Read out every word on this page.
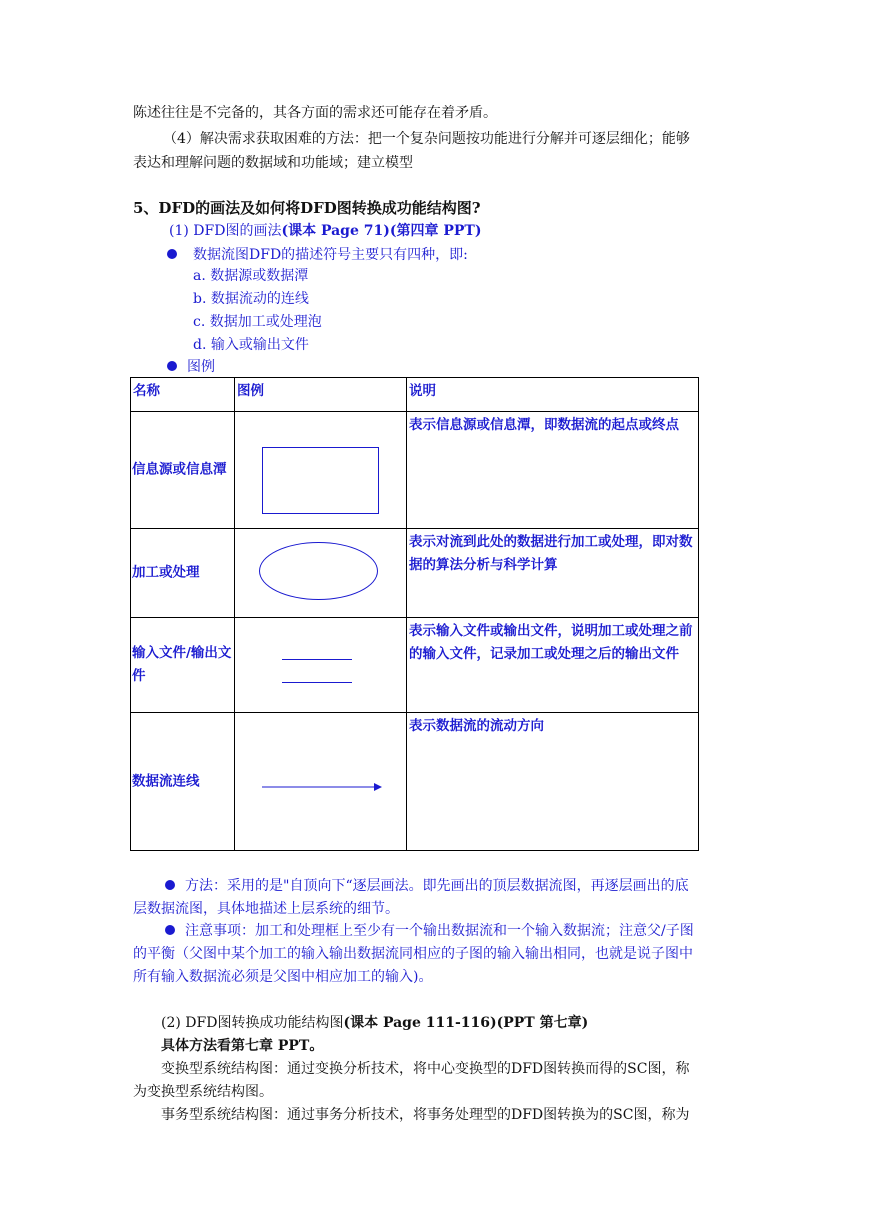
陈述往往是不完备的，其各方面的需求还可能存在着矛盾。
（4）解决需求获取困难的方法：把一个复杂问题按功能进行分解并可逐层细化；能够
表达和理解问题的数据域和功能域；建立模型
5、DFD的画法及如何将DFD图转换成功能结构图?
(1) DFD图的画法(课本 Page 71)(第四章 PPT)
数据流图DFD的描述符号主要只有四种，即:
a. 数据源或数据潭
b. 数据流动的连线
c. 数据加工或处理泡
d. 输入或输出文件
图例
名称	图例	说明

信息源或信息潭		表示信息源或信息潭，即数据流的起点或终点

加工或处理		表示对流到此处的数据进行加工或处理，即对数据的算法分析与科学计算

输入文件/输出文件		表示输入文件或输出文件，说明加工或处理之前的输入文件，记录加工或处理之后的输出文件

数据流连线		表示数据流的流动方向
方法：采用的是"自顶向下“逐层画法。即先画出的顶层数据流图，再逐层画出的底
层数据流图，具体地描述上层系统的细节。
注意事项：加工和处理框上至少有一个输出数据流和一个输入数据流；注意父/子图
的平衡（父图中某个加工的输入输出数据流同相应的子图的输入输出相同，也就是说子图中
所有输入数据流必须是父图中相应加工的输入)。
(2) DFD图转换成功能结构图(课本 Page 111-116)(PPT 第七章)
具体方法看第七章 PPT。
变换型系统结构图：通过变换分析技术，将中心变换型的DFD图转换而得的SC图，称
为变换型系统结构图。
事务型系统结构图：通过事务分析技术，将事务处理型的DFD图转换为的SC图，称为
